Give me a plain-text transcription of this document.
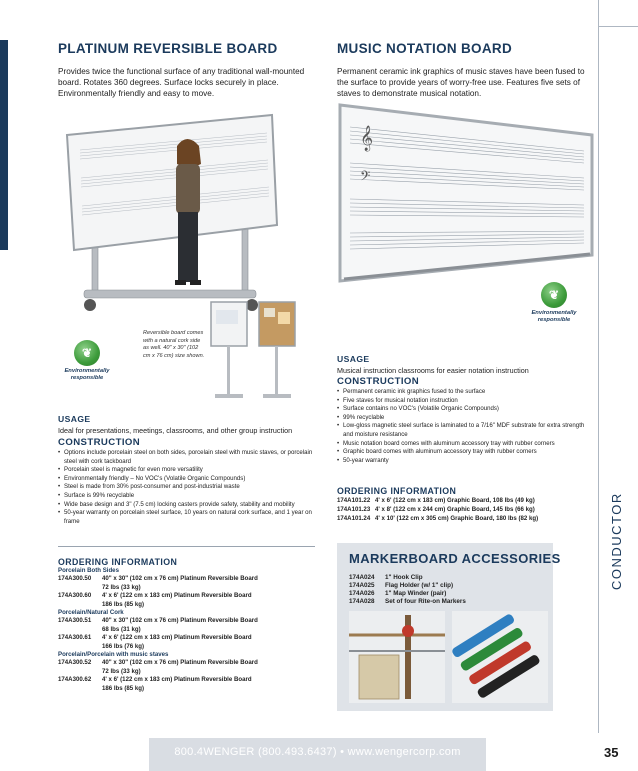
CONDUCTOR
PLATINUM REVERSIBLE BOARD
Provides twice the functional surface of any traditional wall-mounted board. Rotates 360 degrees. Surface locks securely in place. Environmentally friendly and easy to move.
Reversible board comes with a natural cork side as well. 40" x 30" (102 cm x 76 cm) size shown.
❦
Environmentally responsible
USAGE
Ideal for presentations, meetings, classrooms, and other group instruction
CONSTRUCTION
• Options include porcelain steel on both sides, porcelain steel with music staves, or porcelain steel with cork tackboard
• Porcelain steel is magnetic for even more versatility
• Environmentally friendly – No VOC's (Volatile Organic Compounds)
• Steel is made from 30% post-consumer and post-industrial waste
• Surface is 99% recyclable
• Wide base design and 3" (7.5 cm) locking casters provide safety, stability and mobility
• 50-year warranty on porcelain steel surface, 10 years on natural cork surface, and 1 year on frame
ORDERING INFORMATION
Porcelain Both Sides
174A300.50	40" x 30" (102 cm x 76 cm) Platinum Reversible Board
72 lbs (33 kg)
174A300.60	4' x 6' (122 cm x 183 cm) Platinum Reversible Board
186 lbs (85 kg)
Porcelain/Natural Cork
174A300.51	40" x 30" (102 cm x 76 cm) Platinum Reversible Board
68 lbs (31 kg)
174A300.61	4' x 6' (122 cm x 183 cm) Platinum Reversible Board
166 lbs (76 kg)
Porcelain/Porcelain with music staves
174A300.52	40" x 30" (102 cm x 76 cm) Platinum Reversible Board
72 lbs (33 kg)
174A300.62	4' x 6' (122 cm x 183 cm) Platinum Reversible Board
186 lbs (85 kg)
MUSIC NOTATION BOARD
Permanent ceramic ink graphics of music staves have been fused to the surface to provide years of worry-free use. Features five sets of staves to demonstrate musical notation.
𝄞
𝄢
❦
Environmentally responsible
USAGE
Musical instruction classrooms for easier notation instruction
CONSTRUCTION
• Permanent ceramic ink graphics fused to the surface
• Five staves for musical notation instruction
• Surface contains no VOC's (Volatile Organic Compounds)
• 99% recyclable
• Low-gloss magnetic steel surface is laminated to a 7/16" MDF substrate for extra strength and moisture resistance
• Music notation board comes with aluminum accessory tray with rubber corners
• Graphic board comes with aluminum accessory tray with rubber corners
• 50-year warranty
ORDERING INFORMATION
174A101.22 4' x 6' (122 cm x 183 cm) Graphic Board, 108 lbs (49 kg)
174A101.23 4' x 8' (122 cm x 244 cm) Graphic Board, 145 lbs (66 kg)
174A101.24 4' x 10' (122 cm x 305 cm) Graphic Board, 180 lbs (82 kg)
MARKERBOARD ACCESSORIES
174A024	1" Hook Clip
174A025	Flag Holder (w/ 1" clip)
174A026	1" Map Winder (pair)
174A028	Set of four Rite-on Markers
800.4WENGER (800.493.6437) • www.wengercorp.com	35
